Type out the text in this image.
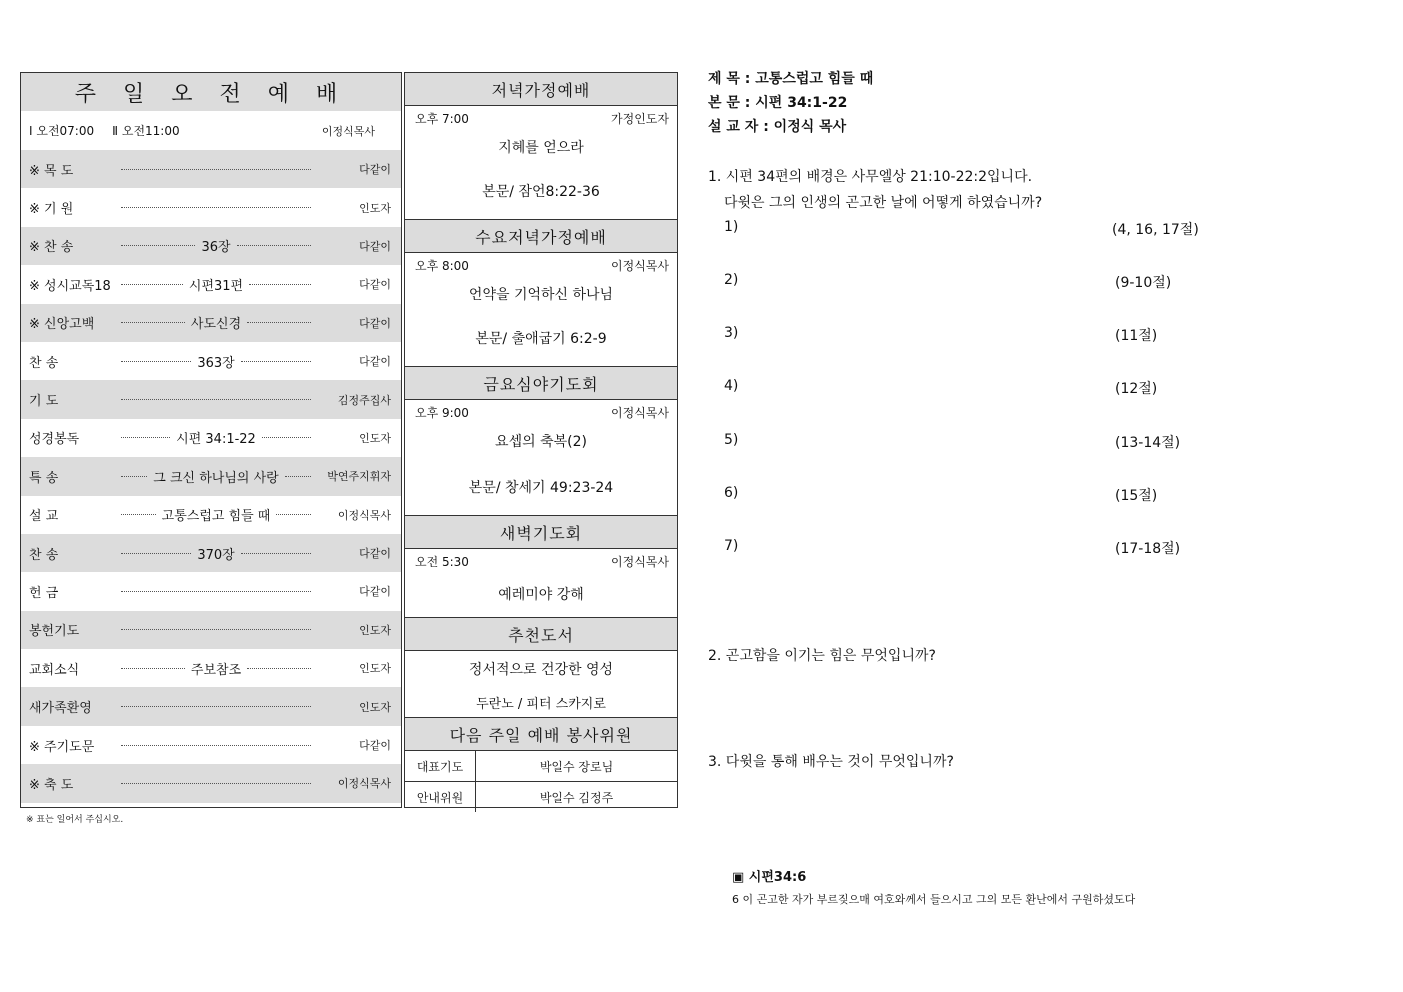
주 일 오 전 예 배
Ⅰ 오전07:00 Ⅱ 오전11:00	이정식목사
※ 목 도	다같이
※ 기 원	인도자
※ 찬 송	36장	다같이
※ 성시교독18	시편31편	다같이
※ 신앙고백	사도신경	다같이
찬 송	363장	다같이
기 도	김정주집사
성경봉독	시편 34:1-22	인도자
특 송	그 크신 하나님의 사랑	박연주지휘자
설 교	고통스럽고 힘들 때	이정식목사
찬 송	370장	다같이
헌 금	다같이
봉헌기도	인도자
교회소식	주보참조	인도자
새가족환영	인도자
※ 주기도문	다같이
※ 축 도	이정식목사
※ 표는 일어서 주십시오.
저녁가정예배
오후 7:00	가정인도자
지혜를 얻으라
본문/ 잠언8:22-36
수요저녁가정예배
오후 8:00	이정식목사
언약을 기억하신 하나님
본문/ 출애굽기 6:2-9
금요심야기도회
오후 9:00	이정식목사
요셉의 축복(2)
본문/ 창세기 49:23-24
새벽기도회
오전 5:30	이정식목사
예레미야 강해
추천도서
정서적으로 건강한 영성
두란노 / 피터 스카지로
다음 주일 예배 봉사위원
대표기도	박일수 장로님
안내위원	박일수 김정주
제 목 : 고통스럽고 힘들 때
본 문 : 시편 34:1-22
설 교 자 : 이정식 목사
1. 시편 34편의 배경은 사무엘상 21:10-22:2입니다.
다윗은 그의 인생의 곤고한 날에 어떻게 하였습니까?
1)	(4, 16, 17절)
2)	(9-10절)
3)	(11절)
4)	(12절)
5)	(13-14절)
6)	(15절)
7)	(17-18절)
2. 곤고함을 이기는 힘은 무엇입니까?
3. 다윗을 통해 배우는 것이 무엇입니까?
▣ 시편34:6
6 이 곤고한 자가 부르짖으매 여호와께서 들으시고 그의 모든 환난에서 구원하셨도다
